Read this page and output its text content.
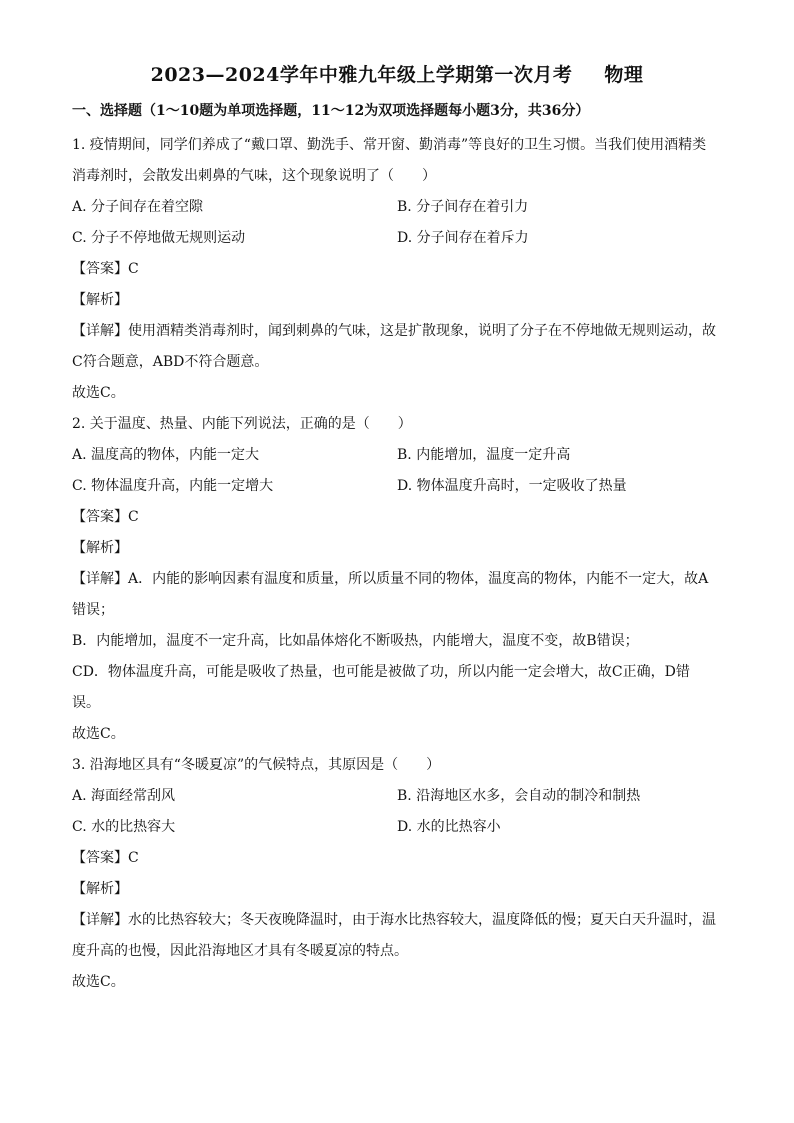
2023—2024学年中雅九年级上学期第一次月考 物理
一、选择题（1～10题为单项选择题，11～12为双项选择题每小题3分，共36分）
1. 疫情期间，同学们养成了“戴口罩、勤洗手、常开窗、勤消毒”等良好的卫生习惯。当我们使用酒精类
消毒剂时，会散发出刺鼻的气味，这个现象说明了（　　）
A. 分子间存在着空隙	B. 分子间存在着引力
C. 分子不停地做无规则运动	D. 分子间存在着斥力
【答案】C
【解析】
【详解】使用酒精类消毒剂时，闻到刺鼻的气味，这是扩散现象，说明了分子在不停地做无规则运动，故
C符合题意，ABD不符合题意。
故选C。
2. 关于温度、热量、内能下列说法，正确的是（　　）
A. 温度高的物体，内能一定大	B. 内能增加，温度一定升高
C. 物体温度升高，内能一定增大	D. 物体温度升高时，一定吸收了热量
【答案】C
【解析】
【详解】A．内能的影响因素有温度和质量，所以质量不同的物体，温度高的物体，内能不一定大，故A
错误；
B．内能增加，温度不一定升高，比如晶体熔化不断吸热，内能增大，温度不变，故B错误；
CD．物体温度升高，可能是吸收了热量，也可能是被做了功，所以内能一定会增大，故C正确，D错
误。
故选C。
3. 沿海地区具有“冬暖夏凉”的气候特点，其原因是（　　）
A. 海面经常刮风	B. 沿海地区水多，会自动的制冷和制热
C. 水的比热容大	D. 水的比热容小
【答案】C
【解析】
【详解】水的比热容较大；冬天夜晚降温时，由于海水比热容较大，温度降低的慢；夏天白天升温时，温
度升高的也慢，因此沿海地区才具有冬暖夏凉的特点。
故选C。
